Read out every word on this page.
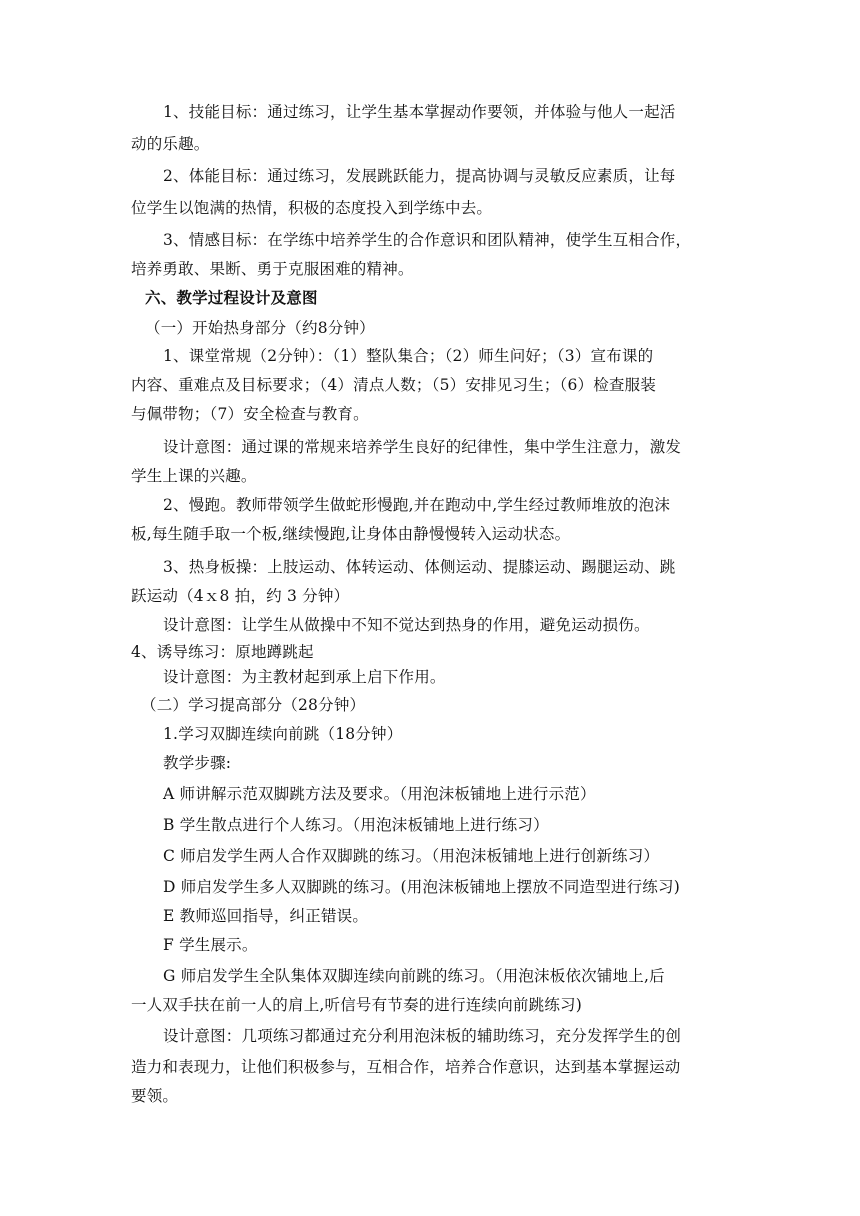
1、技能目标：通过练习，让学生基本掌握动作要领，并体验与他人一起活
动的乐趣。
2、体能目标：通过练习，发展跳跃能力，提高协调与灵敏反应素质，让每
位学生以饱满的热情，积极的态度投入到学练中去。
3、情感目标：在学练中培养学生的合作意识和团队精神，使学生互相合作，
培养勇敢、果断、勇于克服困难的精神。
六、教学过程设计及意图
（一）开始热身部分（约8分钟）
1、课堂常规（2分钟）：（1）整队集合；（2）师生问好；（3）宣布课的
内容、重难点及目标要求；（4）清点人数；（5）安排见习生；（6）检查服装
与佩带物；（7）安全检查与教育。
设计意图：通过课的常规来培养学生良好的纪律性，集中学生注意力，激发
学生上课的兴趣。
2、慢跑。教师带领学生做蛇形慢跑,并在跑动中,学生经过教师堆放的泡沫
板,每生随手取一个板,继续慢跑,让身体由静慢慢转入运动状态。
3、热身板操：上肢运动、体转运动、体侧运动、提膝运动、踢腿运动、跳
跃运动（4ｘ8 拍，约 3 分钟）
设计意图：让学生从做操中不知不觉达到热身的作用，避免运动损伤。
4、诱导练习：原地蹲跳起
设计意图：为主教材起到承上启下作用。
（二）学习提高部分（28分钟）
1.学习双脚连续向前跳（18分钟）
教学步骤:
A 师讲解示范双脚跳方法及要求。（用泡沫板铺地上进行示范）
B 学生散点进行个人练习。（用泡沫板铺地上进行练习）
C 师启发学生两人合作双脚跳的练习。（用泡沫板铺地上进行创新练习）
D 师启发学生多人双脚跳的练习。(用泡沫板铺地上摆放不同造型进行练习)
E 教师巡回指导，纠正错误。
F 学生展示。
G 师启发学生全队集体双脚连续向前跳的练习。（用泡沫板依次铺地上,后
一人双手扶在前一人的肩上,听信号有节奏的进行连续向前跳练习)
设计意图：几项练习都通过充分利用泡沫板的辅助练习，充分发挥学生的创
造力和表现力，让他们积极参与，互相合作，培养合作意识，达到基本掌握运动
要领。
